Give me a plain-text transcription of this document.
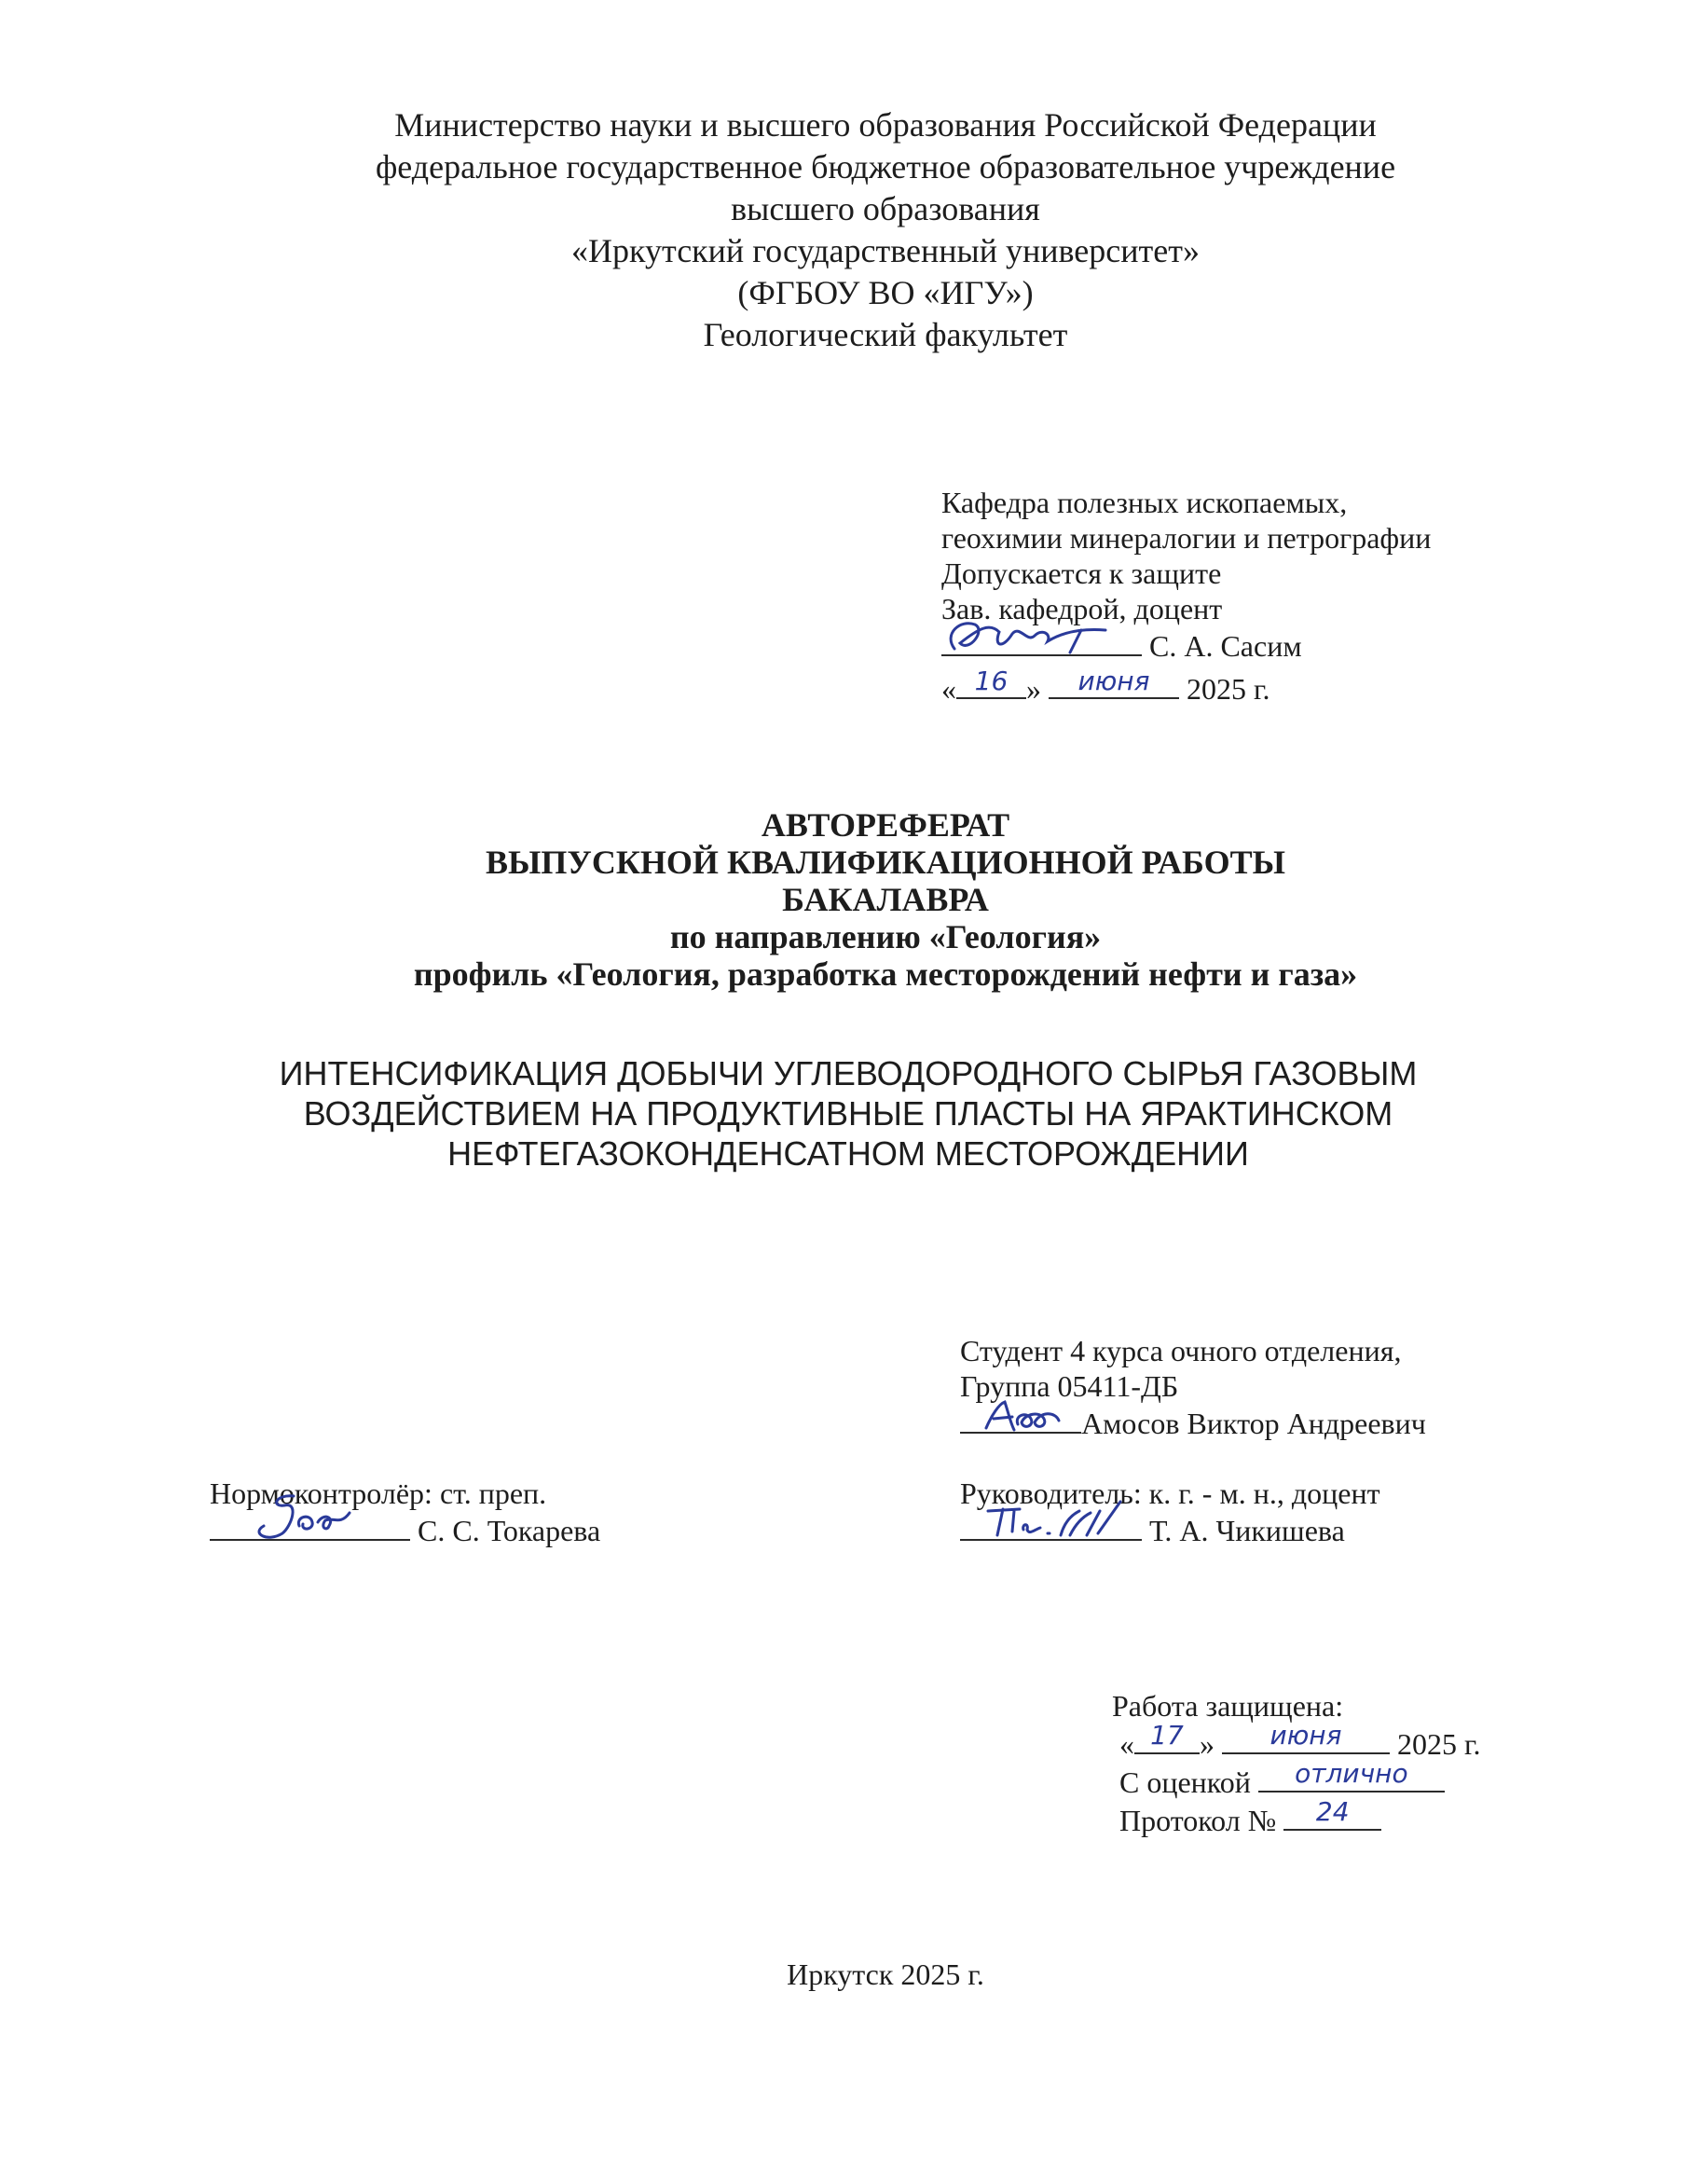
Министерство науки и высшего образования Российской Федерации
федеральное государственное бюджетное образовательное учреждение
высшего образования
«Иркутский государственный университет»
(ФГБОУ ВО «ИГУ»)
Геологический факультет
Кафедра полезных ископаемых,
геохимии минералогии и петрографии
Допускается к защите
Зав. кафедрой, доцент
С. А. Сасим
« 16 » июня 2025 г.
АВТОРЕФЕРАТ
ВЫПУСКНОЙ КВАЛИФИКАЦИОННОЙ РАБОТЫ
БАКАЛАВРА
по направлению «Геология»
профиль «Геология, разработка месторождений нефти и газа»
ИНТЕНСИФИКАЦИЯ ДОБЫЧИ УГЛЕВОДОРОДНОГО СЫРЬЯ ГАЗОВЫМ
ВОЗДЕЙСТВИЕМ НА ПРОДУКТИВНЫЕ ПЛАСТЫ НА ЯРАКТИНСКОМ
НЕФТЕГАЗОКОНДЕНСАТНОМ МЕСТОРОЖДЕНИИ
Студент 4 курса очного отделения,
Группа 05411-ДБ
Амосов Виктор Андреевич
Нормоконтролёр: ст. преп.
С. С. Токарева
Руководитель: к. г. - м. н., доцент
Т. А. Чикишева
Работа защищена:
« 17 » июня 2025 г.
С оценкой отлично
Протокол № 24
Иркутск 2025 г.
